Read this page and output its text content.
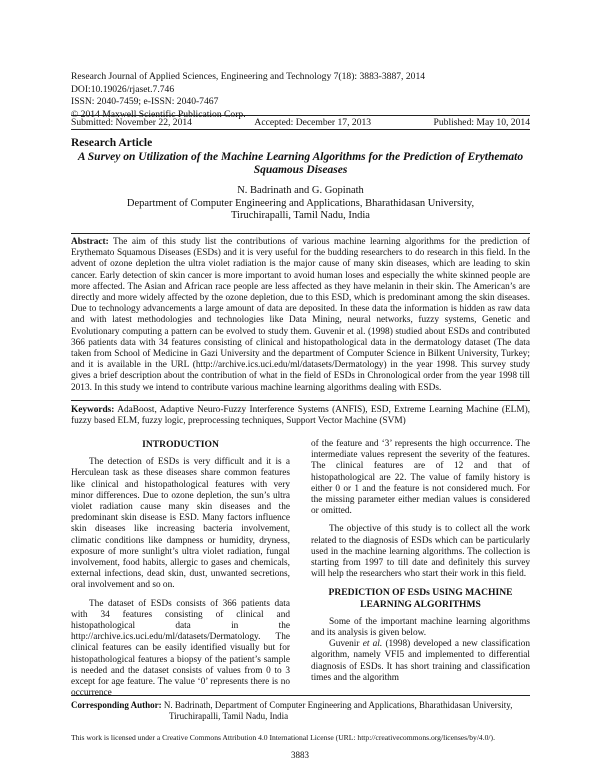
Research Journal of Applied Sciences, Engineering and Technology 7(18): 3883-3887, 2014
DOI:10.19026/rjaset.7.746
ISSN: 2040-7459; e-ISSN: 2040-7467
© 2014 Maxwell Scientific Publication Corp.
Submitted: November 22, 2014	Accepted: December 17, 2013	Published: May 10, 2014
Research Article
A Survey on Utilization of the Machine Learning Algorithms for the Prediction of Erythemato Squamous Diseases
N. Badrinath and G. Gopinath
Department of Computer Engineering and Applications, Bharathidasan University,
Tiruchirapalli, Tamil Nadu, India
Abstract: The aim of this study list the contributions of various machine learning algorithms for the prediction of Erythemato Squamous Diseases (ESDs) and it is very useful for the budding researchers to do research in this field. In the advent of ozone depletion the ultra violet radiation is the major cause of many skin diseases, which are leading to skin cancer. Early detection of skin cancer is more important to avoid human loses and especially the white skinned people are more affected. The Asian and African race people are less affected as they have melanin in their skin. The American’s are directly and more widely affected by the ozone depletion, due to this ESD, which is predominant among the skin diseases. Due to technology advancements a large amount of data are deposited. In these data the information is hidden as raw data and with latest methodologies and technologies like Data Mining, neural networks, fuzzy systems, Genetic and Evolutionary computing a pattern can be evolved to study them. Guvenir et al. (1998) studied about ESDs and contributed 366 patients data with 34 features consisting of clinical and histopathological data in the dermatology dataset (The data taken from School of Medicine in Gazi University and the department of Computer Science in Bilkent University, Turkey; and it is available in the URL (http://archive.ics.uci.edu/ml/datasets/Dermatology) in the year 1998. This survey study gives a brief description about the contribution of what in the field of ESDs in Chronological order from the year 1998 till 2013. In this study we intend to contribute various machine learning algorithms dealing with ESDs.
Keywords: AdaBoost, Adaptive Neuro-Fuzzy Interference Systems (ANFIS), ESD, Extreme Learning Machine (ELM), fuzzy based ELM, fuzzy logic, preprocessing techniques, Support Vector Machine (SVM)

INTRODUCTION

The detection of ESDs is very difficult and it is a Herculean task as these diseases share common features like clinical and histopathological features with very minor differences. Due to ozone depletion, the sun’s ultra violet radiation cause many skin diseases and the predominant skin disease is ESD. Many factors influence skin diseases like increasing bacteria involvement, climatic conditions like dampness or humidity, dryness, exposure of more sunlight’s ultra violet radiation, fungal involvement, food habits, allergic to gases and chemicals, external infections, dead skin, dust, unwanted secretions, oral involvement and so on.

The dataset of ESDs consists of 366 patients data with 34 features consisting of clinical and histopathological data in the http://archive.ics.uci.edu/ml/datasets/Dermatology. The clinical features can be easily identified visually but for histopathological features a biopsy of the patient’s sample is needed and the dataset consists of values from 0 to 3 except for age feature. The value ‘0’ represents there is no occurrence

of the feature and ‘3’ represents the high occurrence. The intermediate values represent the severity of the features. The clinical features are of 12 and that of histopathological are 22. The value of family history is either 0 or 1 and the feature is not considered much. For the missing parameter either median values is considered or omitted.

The objective of this study is to collect all the work related to the diagnosis of ESDs which can be particularly used in the machine learning algorithms. The collection is starting from 1997 to till date and definitely this survey will help the researchers who start their work in this field.

PREDICTION OF ESDs USING MACHINE

LEARNING ALGORITHMS

Some of the important machine learning algorithms and its analysis is given below.

Guvenir et al. (1998) developed a new classification algorithm, namely VFI5 and implemented to differential diagnosis of ESDs. It has short training and classification times and the algorithm

Corresponding Author: N. Badrinath, Department of Computer Engineering and Applications, Bharathidasan University,
Tiruchirapalli, Tamil Nadu, India
This work is licensed under a Creative Commons Attribution 4.0 International License (URL: http://creativecommons.org/licenses/by/4.0/).
3883
